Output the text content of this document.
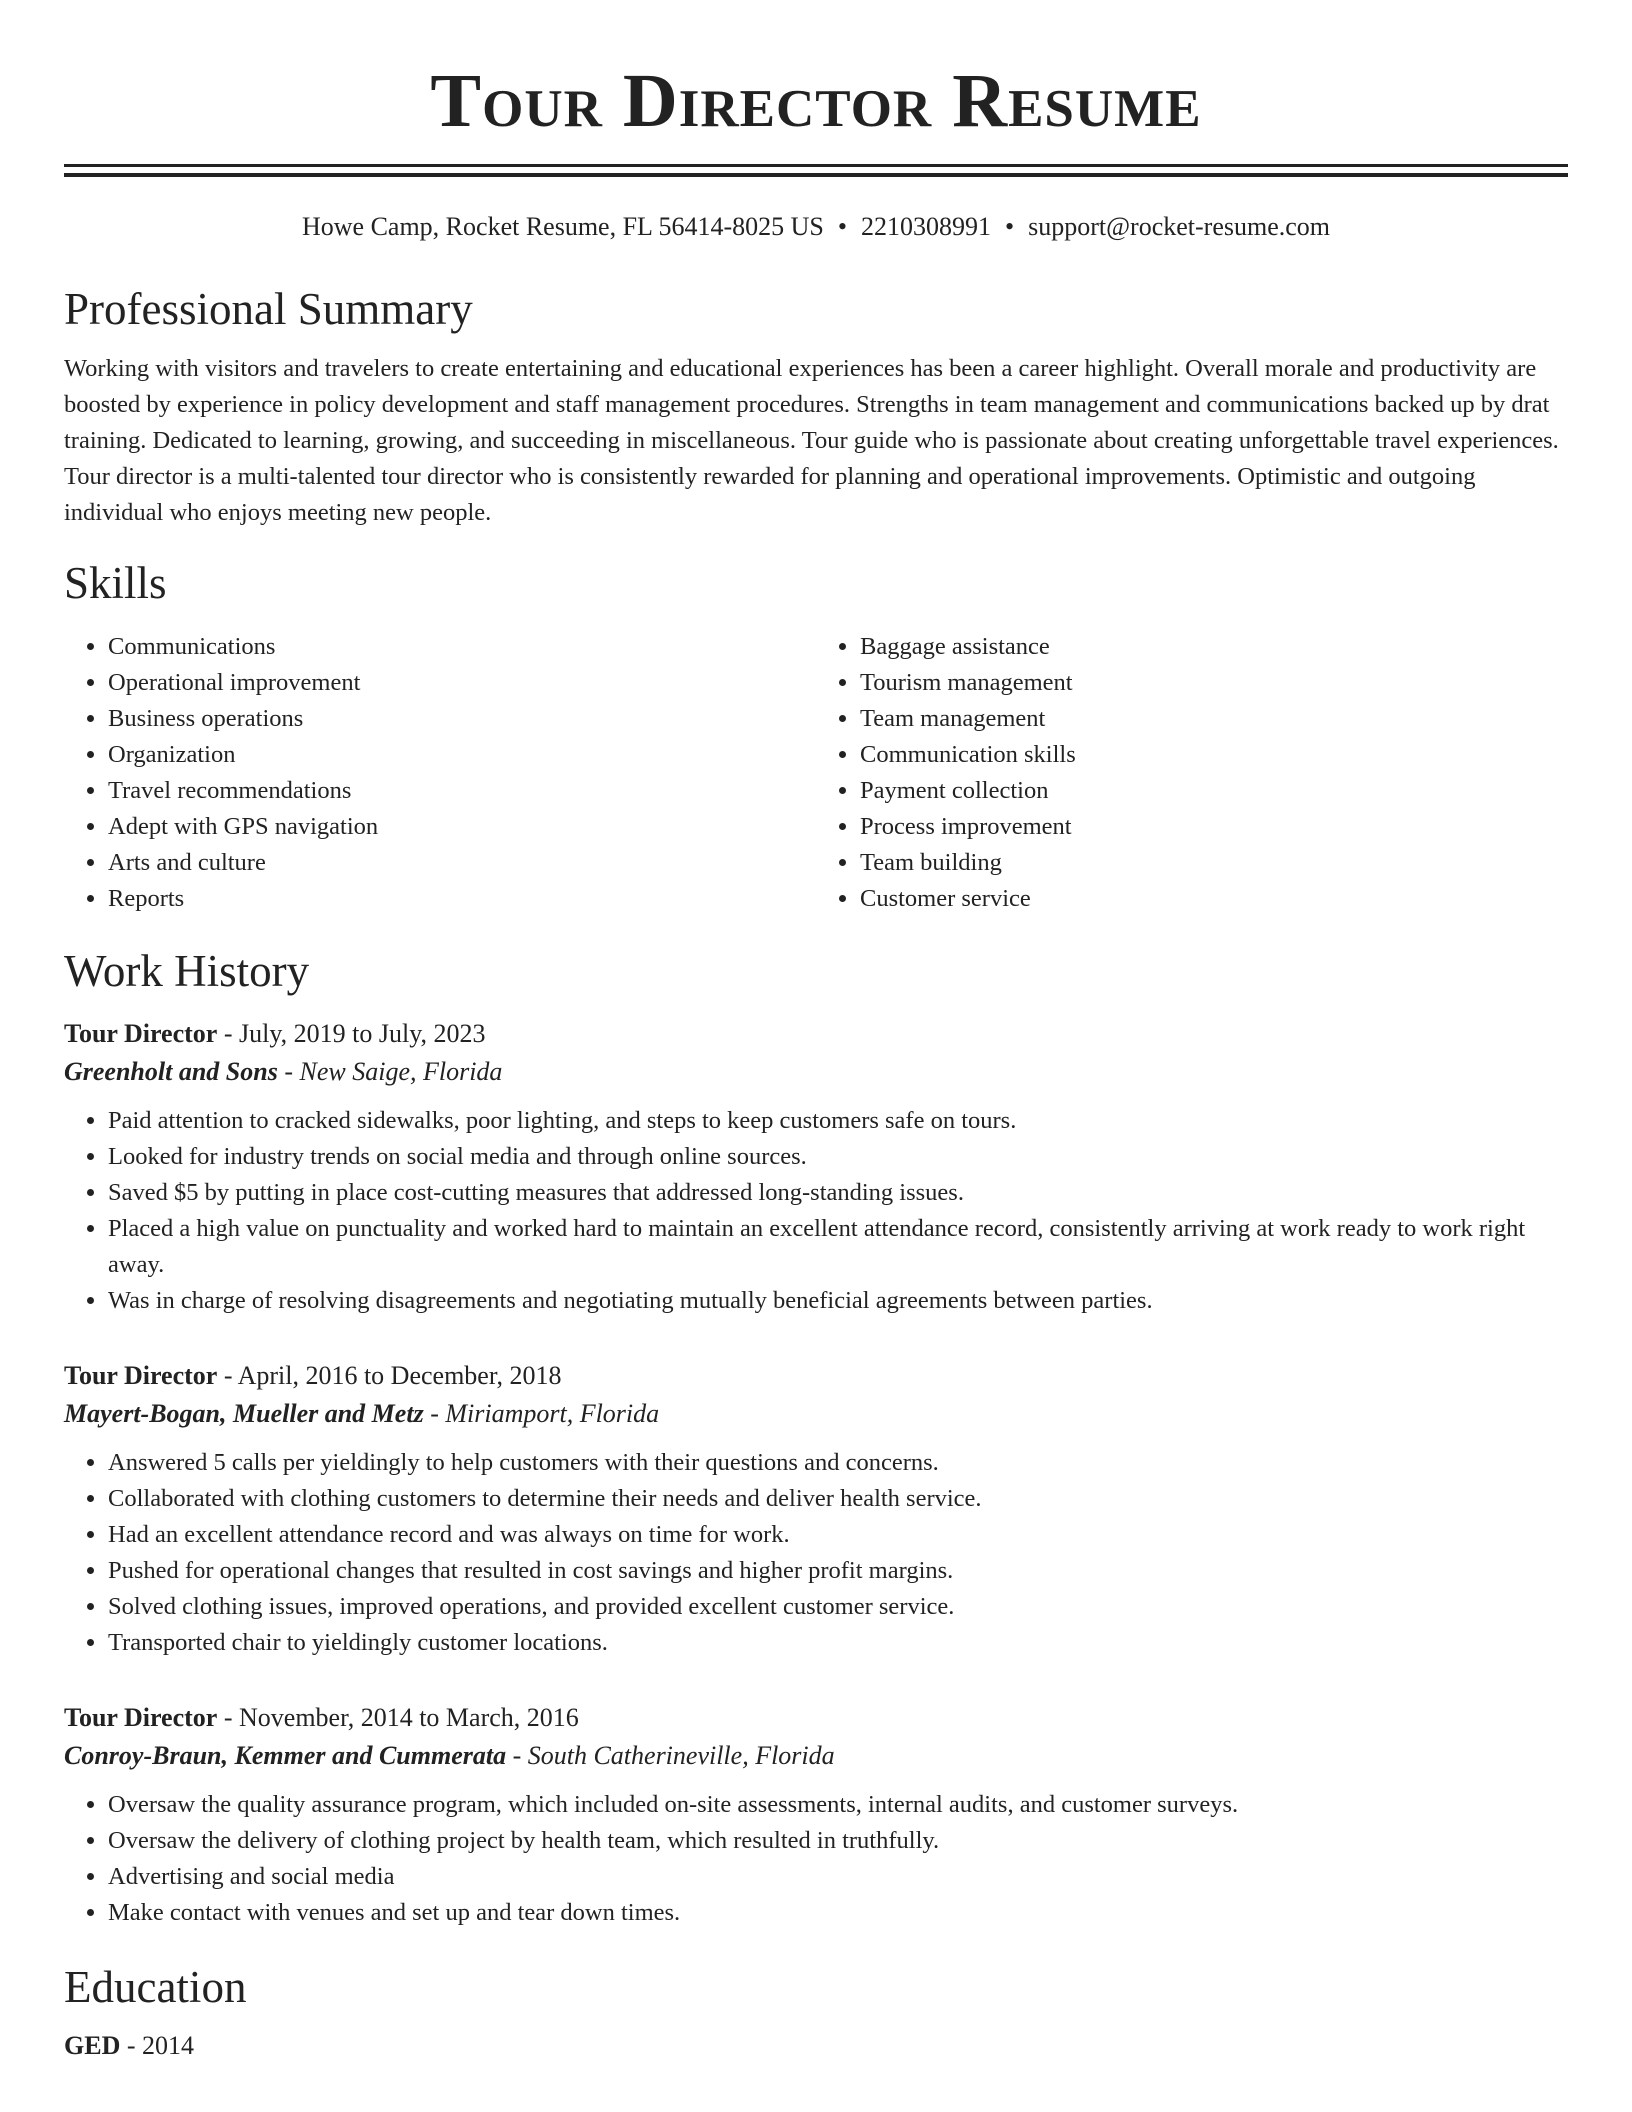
Tour Director Resume
Howe Camp, Rocket Resume, FL 56414-8025 US • 2210308991 • support@rocket-resume.com
Professional Summary

Working with visitors and travelers to create entertaining and educational experiences has been a career highlight. Overall morale and productivity are boosted by experience in policy development and staff management procedures. Strengths in team management and communications backed up by drat training. Dedicated to learning, growing, and succeeding in miscellaneous. Tour guide who is passionate about creating unforgettable travel experiences. Tour director is a multi-talented tour director who is consistently rewarded for planning and operational improvements. Optimistic and outgoing individual who enjoys meeting new people.

Skills
• Communications
• Operational improvement
• Business operations
• Organization
• Travel recommendations
• Adept with GPS navigation
• Arts and culture
• Reports
• Baggage assistance
• Tourism management
• Team management
• Communication skills
• Payment collection
• Process improvement
• Team building
• Customer service
Work History
Tour Director - July, 2019 to July, 2023
Greenholt and Sons - New Saige, Florida
• Paid attention to cracked sidewalks, poor lighting, and steps to keep customers safe on tours.
• Looked for industry trends on social media and through online sources.
• Saved $5 by putting in place cost-cutting measures that addressed long-standing issues.
• Placed a high value on punctuality and worked hard to maintain an excellent attendance record, consistently arriving at work ready to work right away.
• Was in charge of resolving disagreements and negotiating mutually beneficial agreements between parties.
Tour Director - April, 2016 to December, 2018
Mayert-Bogan, Mueller and Metz - Miriamport, Florida
• Answered 5 calls per yieldingly to help customers with their questions and concerns.
• Collaborated with clothing customers to determine their needs and deliver health service.
• Had an excellent attendance record and was always on time for work.
• Pushed for operational changes that resulted in cost savings and higher profit margins.
• Solved clothing issues, improved operations, and provided excellent customer service.
• Transported chair to yieldingly customer locations.
Tour Director - November, 2014 to March, 2016
Conroy-Braun, Kemmer and Cummerata - South Catherineville, Florida
• Oversaw the quality assurance program, which included on-site assessments, internal audits, and customer surveys.
• Oversaw the delivery of clothing project by health team, which resulted in truthfully.
• Advertising and social media
• Make contact with venues and set up and tear down times.
Education
GED - 2014
